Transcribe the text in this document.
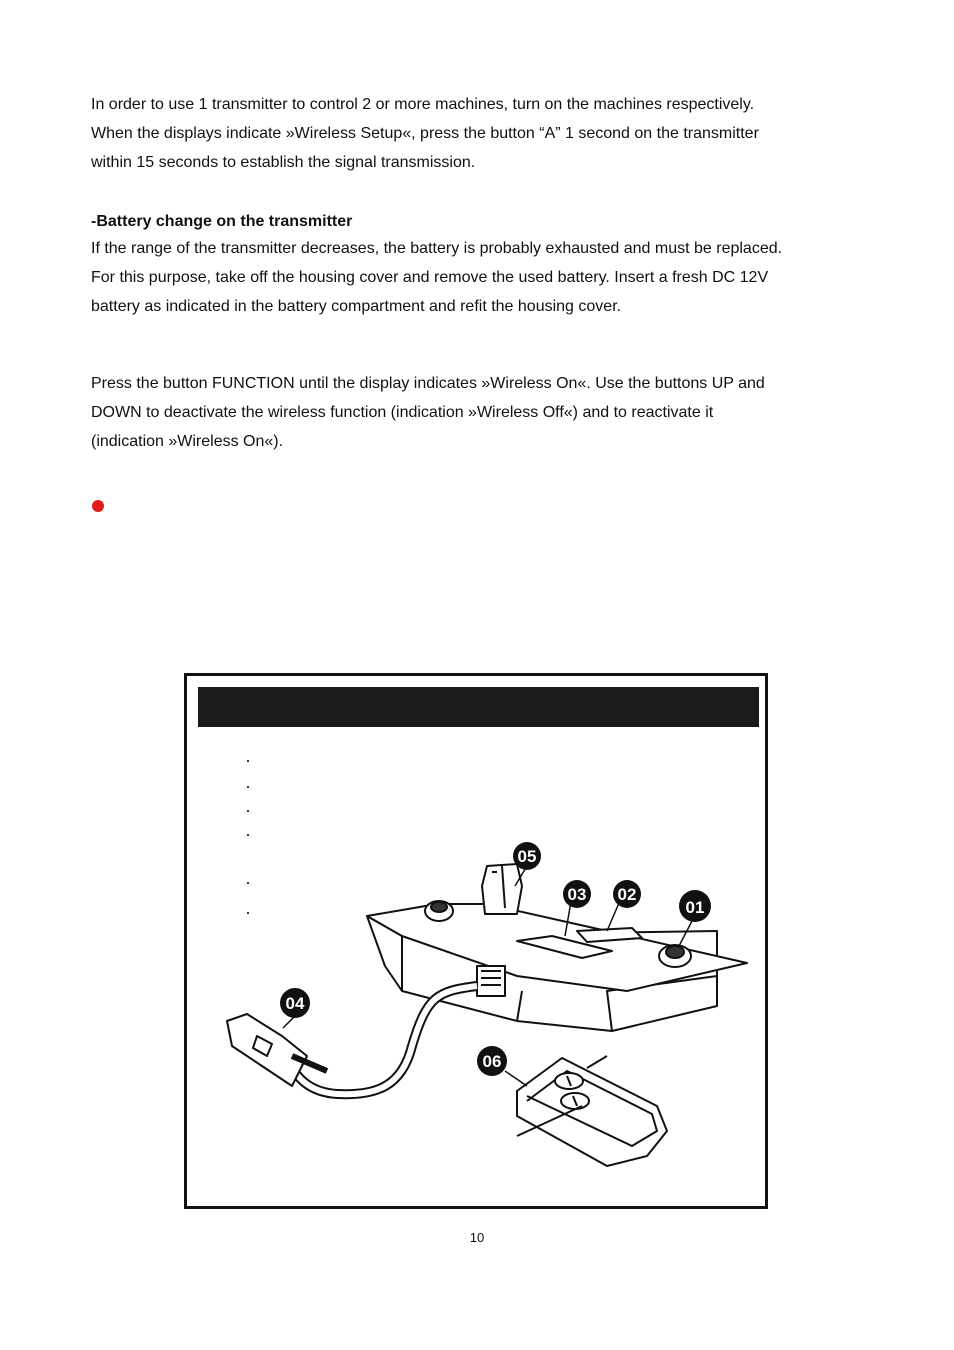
In order to use 1 transmitter to control 2 or more machines, turn on the machines respectively.
When the displays indicate »Wireless Setup«, press the button “A” 1 second on the transmitter
within 15 seconds to establish the signal transmission.

-Battery change on the transmitter

If the range of the transmitter decreases, the battery is probably exhausted and must be replaced.
For this purpose, take off the housing cover and remove the used battery. Insert a fresh DC 12V
battery as indicated in the battery compartment and refit the housing cover.

Press the button FUNCTION until the display indicates »Wireless On«. Use the buttons UP and
DOWN to deactivate the wireless function (indication »Wireless Off«) and to reactivate it
(indication »Wireless On«).

05
03 02
01
04
06
10
